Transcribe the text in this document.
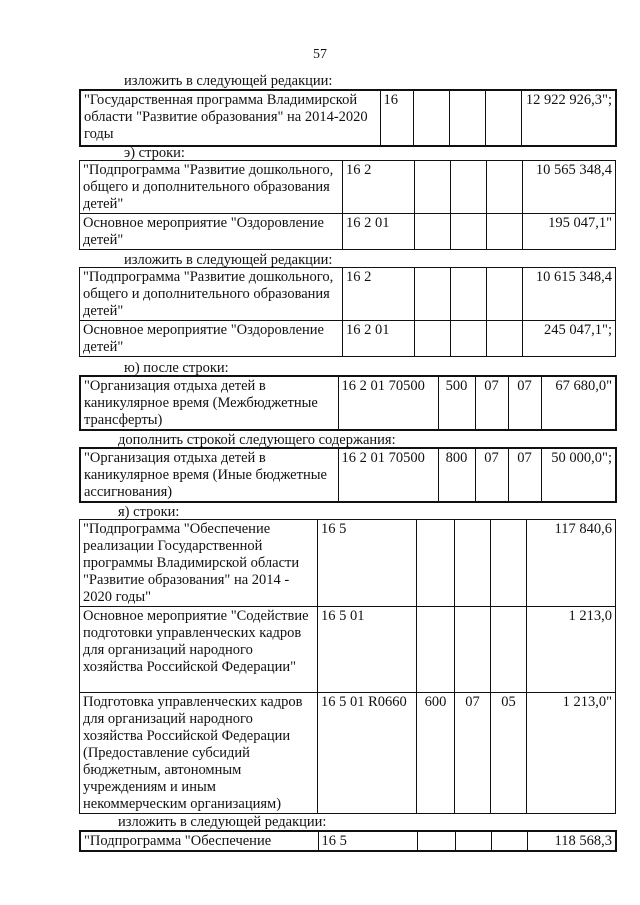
57
изложить в следующей редакции:
"Государственная программа Владимирской области "Развитие образования" на 2014-2020 годы	16				12 922 926,3";
э) строки:
"Подпрограмма "Развитие дошкольного, общего и дополнительного образования детей"	16 2				10 565 348,4
Основное мероприятие "Оздоровление детей"	16 2 01				195 047,1"
изложить в следующей редакции:
"Подпрограмма "Развитие дошкольного, общего и дополнительного образования детей"	16 2				10 615 348,4
Основное мероприятие "Оздоровление детей"	16 2 01				245 047,1";
ю) после строки:
"Организация отдыха детей в каникулярное время (Межбюджетные трансферты)	16 2 01 70500	500	07	07	67 680,0"
дополнить строкой следующего содержания:
"Организация отдыха детей в каникулярное время (Иные бюджетные ассигнования)	16 2 01 70500	800	07	07	50 000,0";
я) строки:
"Подпрограмма "Обеспечение реализации Государственной программы Владимирской области "Развитие образования" на 2014 - 2020 годы"	16 5				117 840,6
Основное мероприятие "Содействие подготовки управленческих кадров для организаций народного хозяйства Российской Федерации"	16 5 01				1 213,0
Подготовка управленческих кадров для организаций народного хозяйства Российской Федерации (Предоставление субсидий бюджетным, автономным учреждениям и иным некоммерческим организациям)	16 5 01 R0660	600	07	05	1 213,0"
изложить в следующей редакции:
"Подпрограмма "Обеспечение	16 5				118 568,3
